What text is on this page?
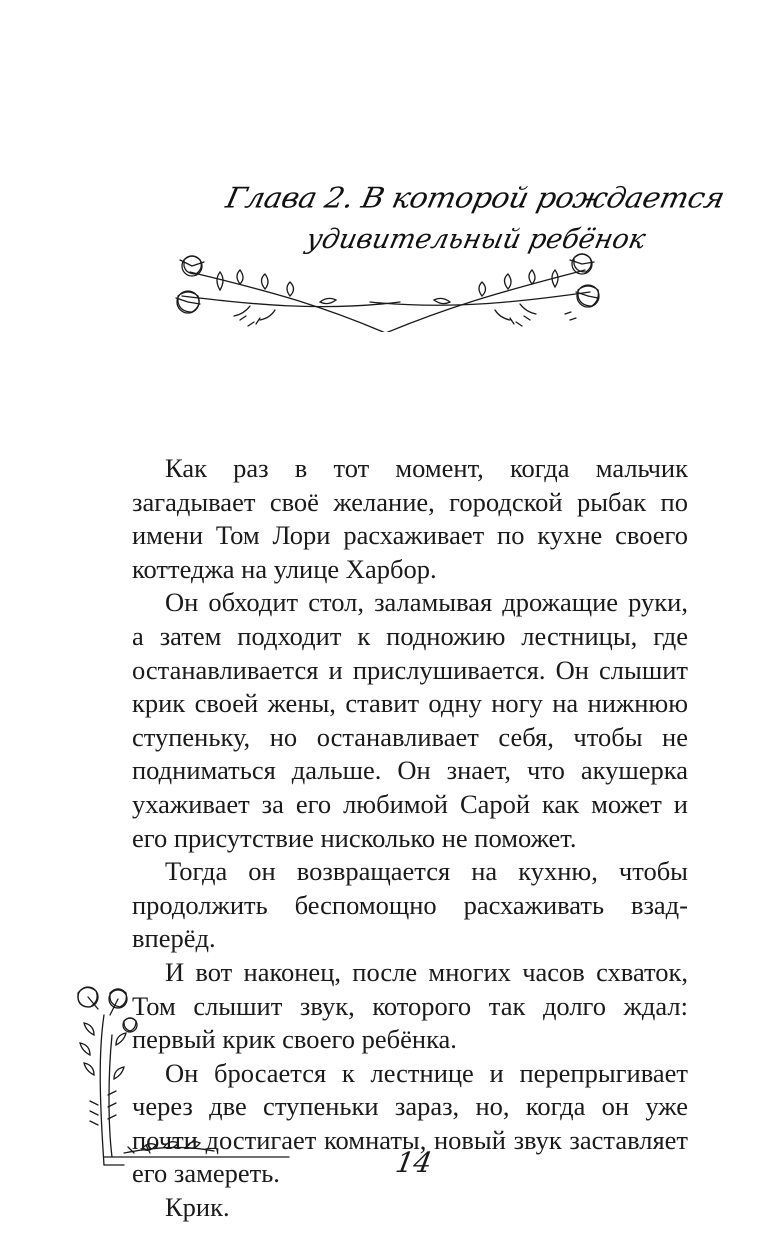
Глава 2. В которой рождается
удивительный ребёнок

Как раз в тот момент, когда мальчик загадывает своё желание, городской рыбак по имени Том Лори расхаживает по кухне своего коттеджа на улице Харбор.

Он обходит стол, заламывая дрожащие руки, а затем подходит к подножию лестницы, где останавливается и прислушивается. Он слышит крик своей жены, ставит одну ногу на нижнюю ступеньку, но останавливает себя, чтобы не подниматься дальше. Он знает, что акушерка ухаживает за его любимой Сарой как может и его присутствие нисколько не поможет.

Тогда он возвращается на кухню, чтобы продолжить беспомощно расхаживать взад-вперёд.

И вот наконец, после многих часов схваток, Том слышит звук, которого так долго ждал: первый крик своего ребёнка.

Он бросается к лестнице и перепрыгивает через две ступеньки зараз, но, когда он уже почти достигает комнаты, новый звук заставляет его замереть.

Крик.

14
